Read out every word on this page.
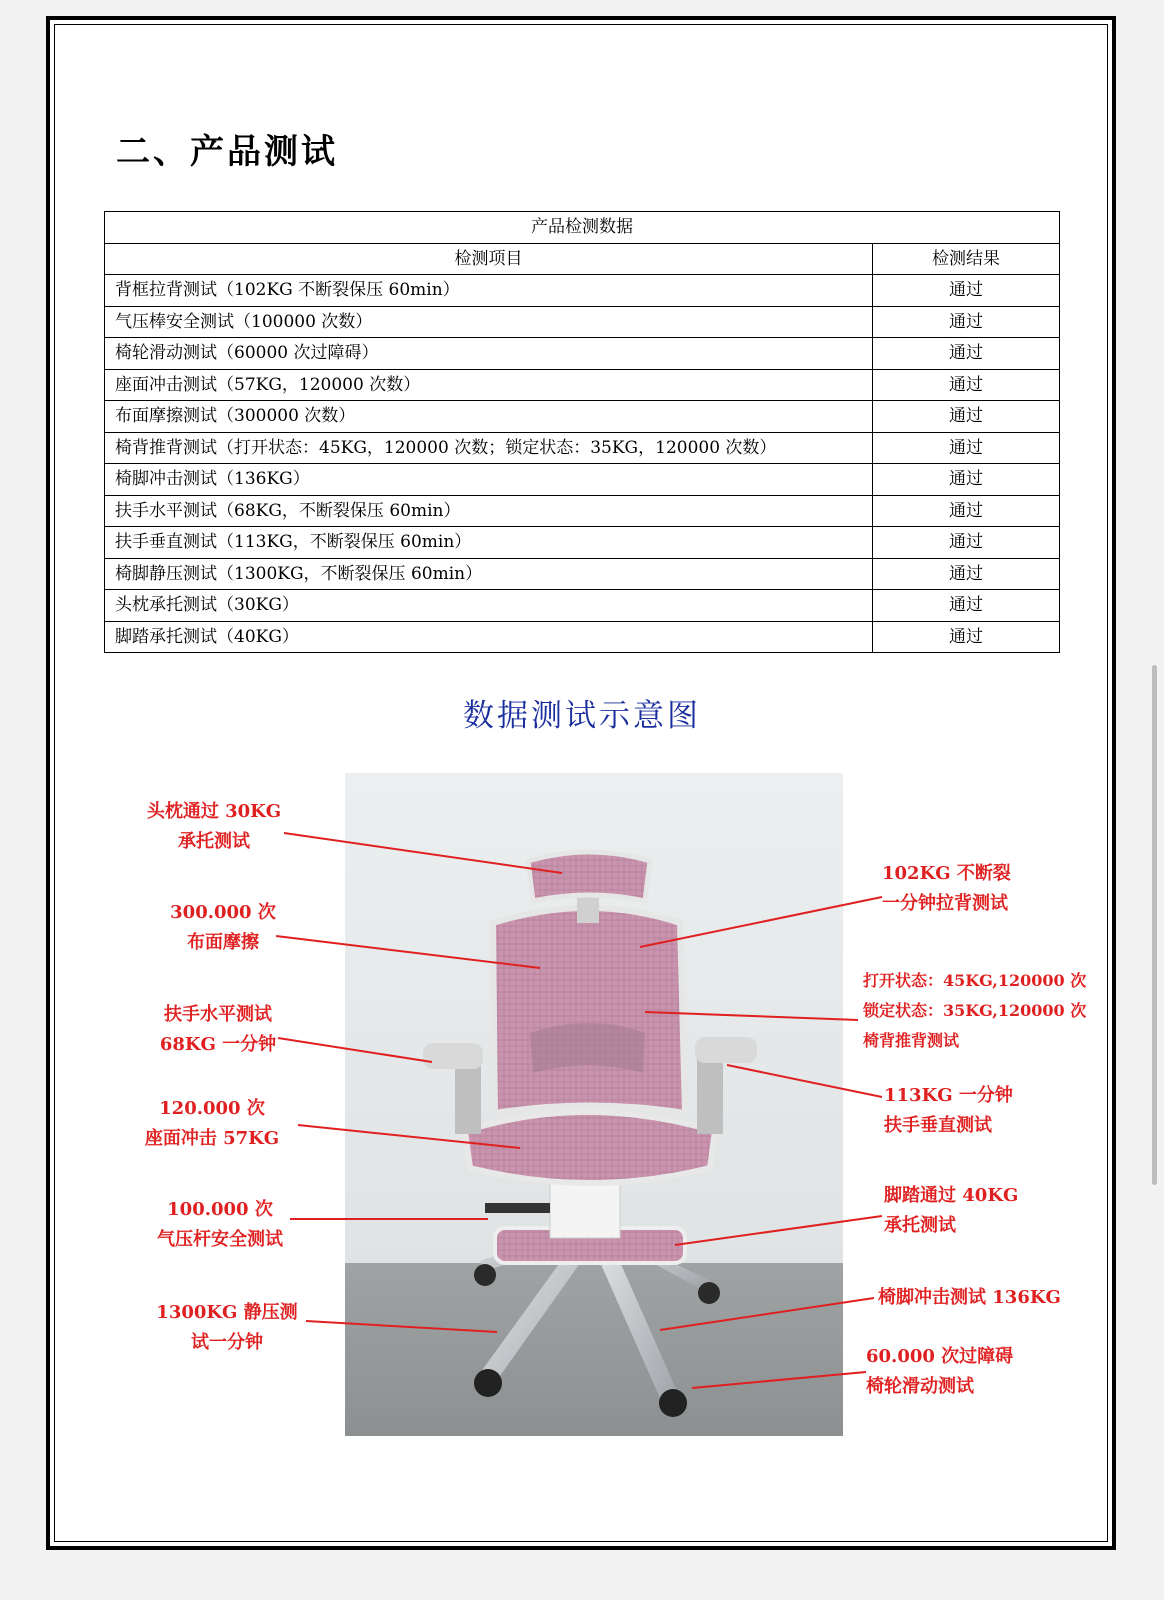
二、产品测试
产品检测数据	
检测项目	检测结果
背框拉背测试（102KG 不断裂保压 60min）	通过
气压棒安全测试（100000 次数）	通过
椅轮滑动测试（60000 次过障碍）	通过
座面冲击测试（57KG，120000 次数）	通过
布面摩擦测试（300000 次数）	通过
椅背推背测试（打开状态：45KG，120000 次数；锁定状态：35KG，120000 次数）	通过
椅脚冲击测试（136KG）	通过
扶手水平测试（68KG，不断裂保压 60min）	通过
扶手垂直测试（113KG，不断裂保压 60min）	通过
椅脚静压测试（1300KG，不断裂保压 60min）	通过
头枕承托测试（30KG）	通过
脚踏承托测试（40KG）	通过
数据测试示意图
头枕通过 30KG
承托测试
300.000 次
布面摩擦
扶手水平测试
68KG 一分钟
120.000 次
座面冲击 57KG
100.000 次
气压杆安全测试
1300KG 静压测
试一分钟
102KG 不断裂
一分钟拉背测试
打开状态：45KG,120000 次
锁定状态：35KG,120000 次
椅背推背测试
113KG 一分钟
扶手垂直测试
脚踏通过 40KG
承托测试
椅脚冲击测试 136KG
60.000 次过障碍
椅轮滑动测试
